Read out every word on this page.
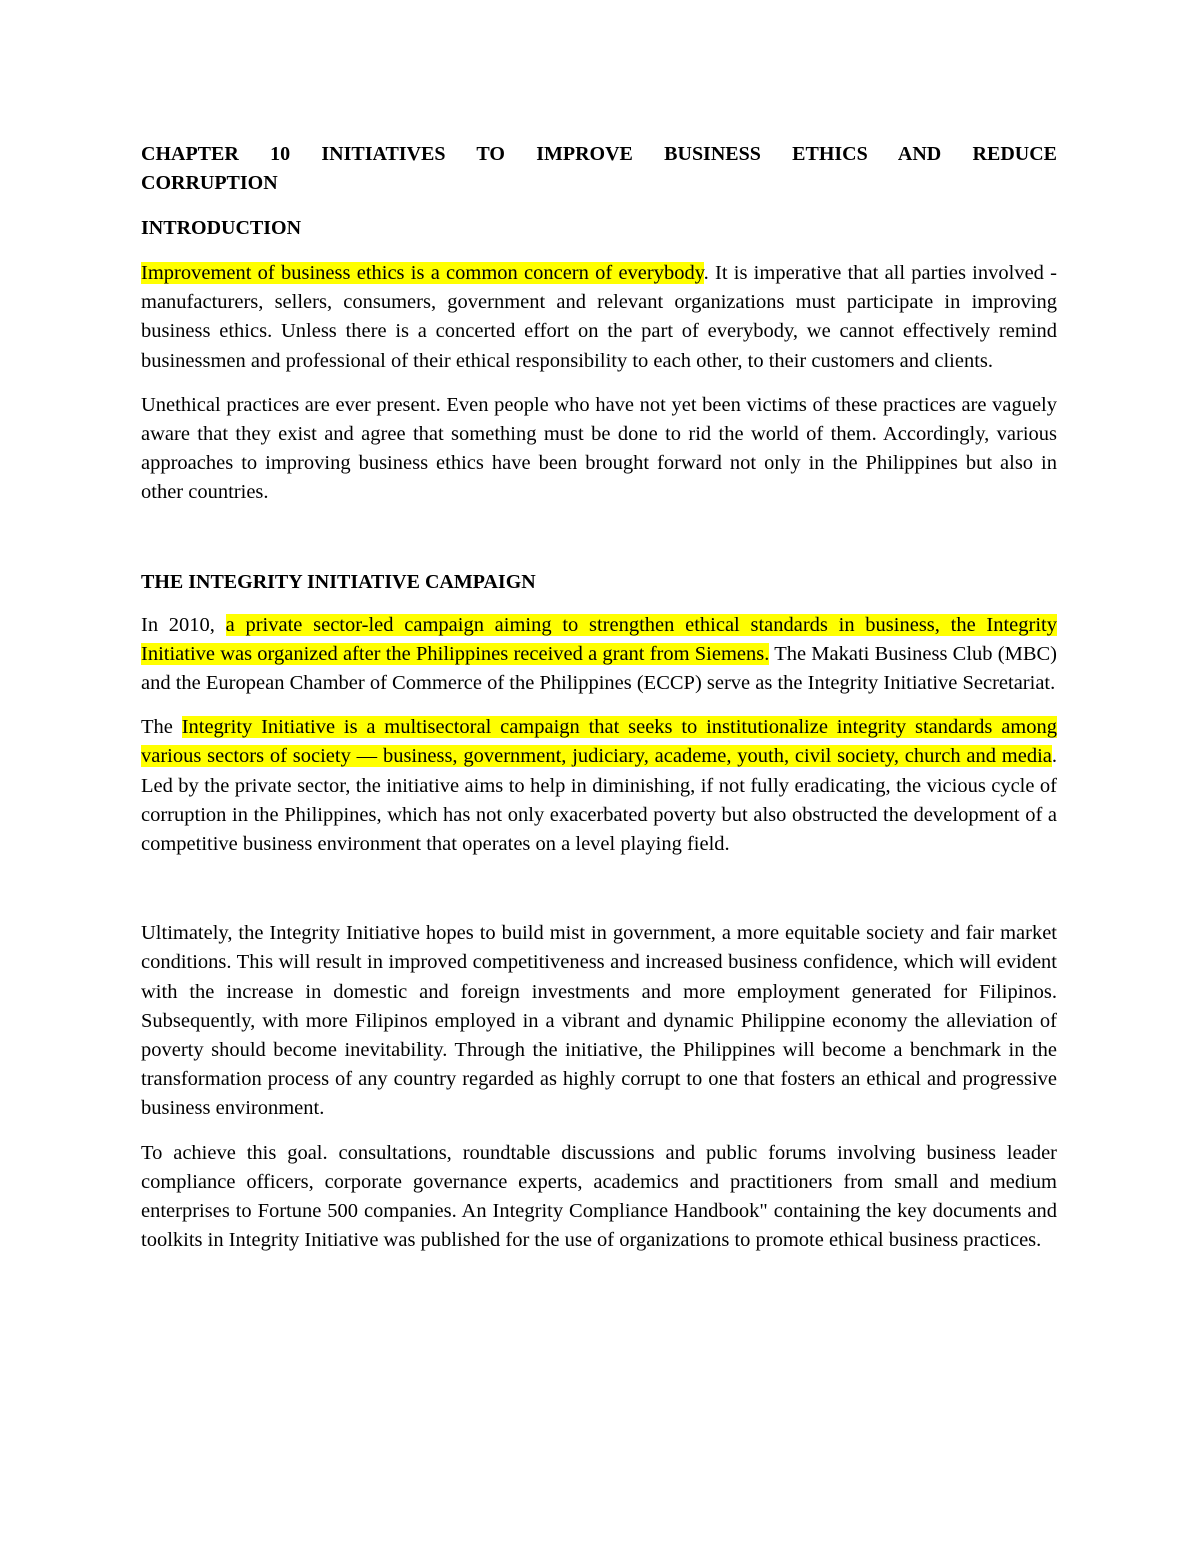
CHAPTER 10 INITIATIVES TO IMPROVE BUSINESS ETHICS AND REDUCE CORRUPTION

INTRODUCTION

Improvement of business ethics is a common concern of everybody. It is imperative that all parties involved - manufacturers, sellers, consumers, government and relevant organizations must participate in improving business ethics. Unless there is a concerted effort on the part of everybody, we cannot effectively remind businessmen and professional of their ethical responsibility to each other, to their customers and clients.

Unethical practices are ever present. Even people who have not yet been victims of these practices are vaguely aware that they exist and agree that something must be done to rid the world of them. Accordingly, various approaches to improving business ethics have been brought forward not only in the Philippines but also in other countries.

THE INTEGRITY INITIATIVE CAMPAIGN

In 2010, a private sector-led campaign aiming to strengthen ethical standards in business, the Integrity Initiative was organized after the Philippines received a grant from Siemens. The Makati Business Club (MBC) and the European Chamber of Commerce of the Philippines (ECCP) serve as the Integrity Initiative Secretariat.

The Integrity Initiative is a multisectoral campaign that seeks to institutionalize integrity standards among various sectors of society — business, government, judiciary, academe, youth, civil society, church and media. Led by the private sector, the initiative aims to help in diminishing, if not fully eradicating, the vicious cycle of corruption in the Philippines, which has not only exacerbated poverty but also obstructed the development of a competitive business environment that operates on a level playing field.

Ultimately, the Integrity Initiative hopes to build mist in government, a more equitable society and fair market conditions. This will result in improved competitiveness and increased business confidence, which will evident with the increase in domestic and foreign investments and more employment generated for Filipinos. Subsequently, with more Filipinos employed in a vibrant and dynamic Philippine economy the alleviation of poverty should become inevitability. Through the initiative, the Philippines will become a benchmark in the transformation process of any country regarded as highly corrupt to one that fosters an ethical and progressive business environment.

To achieve this goal. consultations, roundtable discussions and public forums involving business leader compliance officers, corporate governance experts, academics and practitioners from small and medium enterprises to Fortune 500 companies. An Integrity Compliance Handbook" containing the key documents and toolkits in Integrity Initiative was published for the use of organizations to promote ethical business practices.
